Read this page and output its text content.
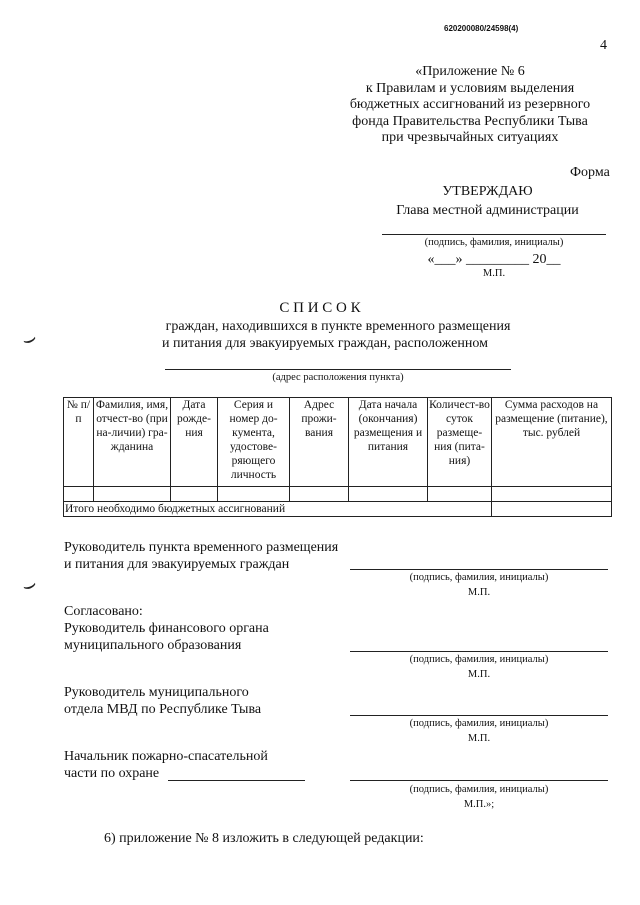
620200080/24598(4)
4
«Приложение № 6
к Правилам и условиям выделения
бюджетных ассигнований из резервного
фонда Правительства Республики Тыва
при чрезвычайных ситуациях
Форма
УТВЕРЖДАЮ
Глава местной администрации
(подпись, фамилия, инициалы)
«___» _________ 20__
М.П.
С П И С О К
граждан, находившихся в пункте временного размещения
и питания для эвакуируемых граждан, расположенном
(адрес расположения пункта)
⌣
⌣
№ п/п	Фамилия, имя, отчест-во (при на-личии) гра-жданина	Дата рожде-ния	Серия и номер до-кумента, удостове-ряющего личность	Адрес прожи-вания	Дата начала (окончания) размещения и питания	Количест-во суток размеще-ния (пита-ния)	Сумма расходов на размещение (питание), тыс. рублей

Итого необходимо бюджетных ассигнований							
Руководитель пункта временного размещения
и питания для эвакуируемых граждан
(подпись, фамилия, инициалы)
М.П.
Согласовано:
Руководитель финансового органа
муниципального образования
(подпись, фамилия, инициалы)
М.П.
Руководитель муниципального
отдела МВД по Республике Тыва
(подпись, фамилия, инициалы)
М.П.
Начальник пожарно-спасательной
части по охране
(подпись, фамилия, инициалы)
М.П.»;
6) приложение № 8 изложить в следующей редакции:
